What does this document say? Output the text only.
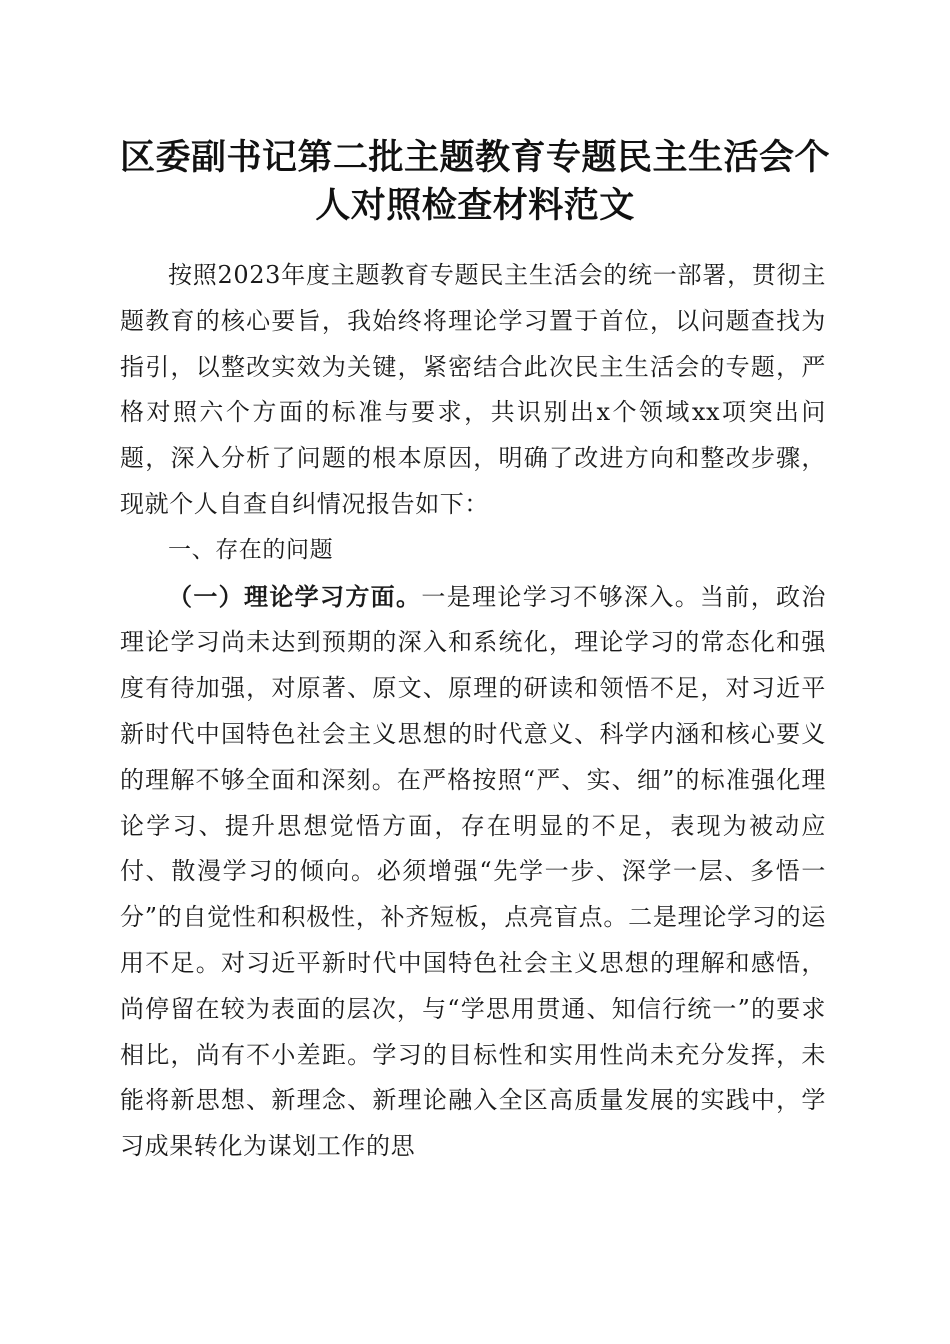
区委副书记第二批主题教育专题民主生活会个人对照检查材料范文

按照2023年度主题教育专题民主生活会的统一部署，贯彻主题教育的核心要旨，我始终将理论学习置于首位，以问题查找为指引，以整改实效为关键，紧密结合此次民主生活会的专题，严格对照六个方面的标准与要求，共识别出x个领域xx项突出问题，深入分析了问题的根本原因，明确了改进方向和整改步骤，现就个人自查自纠情况报告如下：

一、存在的问题

（一）理论学习方面。一是理论学习不够深入。当前，政治理论学习尚未达到预期的深入和系统化，理论学习的常态化和强度有待加强，对原著、原文、原理的研读和领悟不足，对习近平新时代中国特色社会主义思想的时代意义、科学内涵和核心要义的理解不够全面和深刻。在严格按照“严、实、细”的标准强化理论学习、提升思想觉悟方面，存在明显的不足，表现为被动应付、散漫学习的倾向。必须增强“先学一步、深学一层、多悟一分”的自觉性和积极性，补齐短板，点亮盲点。二是理论学习的运用不足。对习近平新时代中国特色社会主义思想的理解和感悟，尚停留在较为表面的层次，与“学思用贯通、知信行统一”的要求相比，尚有不小差距。学习的目标性和实用性尚未充分发挥，未能将新思想、新理念、新理论融入全区高质量发展的实践中，学习成果转化为谋划工作的思
